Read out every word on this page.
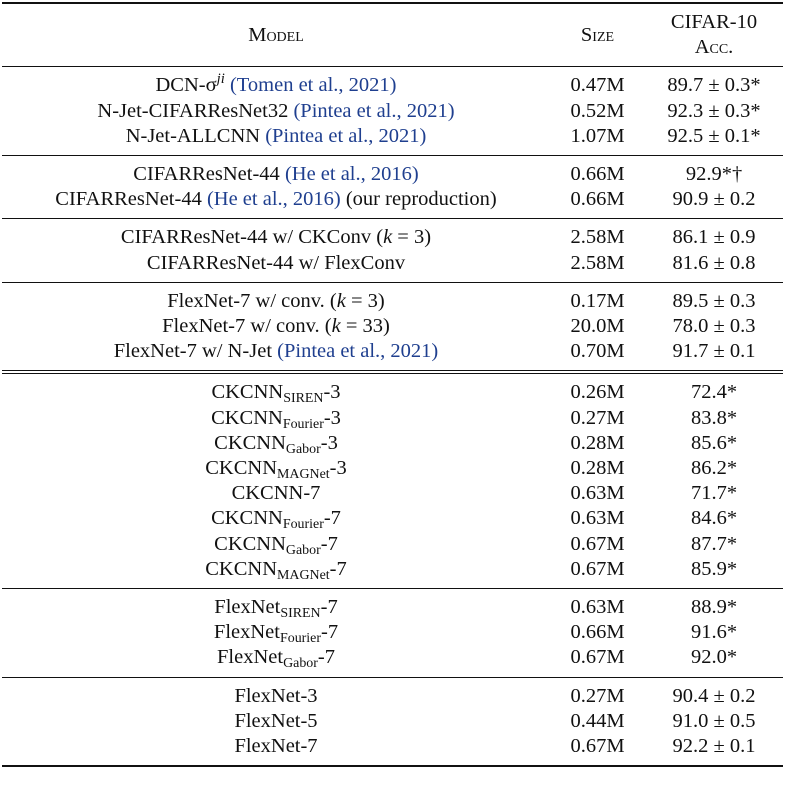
Model	Size	CIFAR-10
		Acc.
DCN-$\sigma^{ji}$ (Tomen et al., 2021)	0.47M	89.7 ± 0.3*
N-Jet-CIFARResNet32 (Pintea et al., 2021)	0.52M	92.3 ± 0.3*
N-Jet-ALLCNN (Pintea et al., 2021)	1.07M	92.5 ± 0.1*
CIFARResNet-44 (He et al., 2016)	0.66M	92.9*†
CIFARResNet-44 (He et al., 2016) (our reproduction)	0.66M	90.9 ± 0.2
CIFARResNet-44 w/ CKConv (k = 3)	2.58M	86.1 ± 0.9
CIFARResNet-44 w/ FlexConv	2.58M	81.6 ± 0.8
FlexNet-7 w/ conv. (k = 3)	0.17M	89.5 ± 0.3
FlexNet-7 w/ conv. (k = 33)	20.0M	78.0 ± 0.3
FlexNet-7 w/ N-Jet (Pintea et al., 2021)	0.70M	91.7 ± 0.1
$CKCNN_{SIREN}-3$	0.26M	72.4*
$CKCNN_{Fourier}-3$	0.27M	83.8*
$CKCNN_{Gabor}-3$	0.28M	85.6*
$CKCNN_{MAGNet}-3$	0.28M	86.2*
CKCNN-7	0.63M	71.7*
$CKCNN_{Fourier}-7$	0.63M	84.6*
$CKCNN_{Gabor}-7$	0.67M	87.7*
$CKCNN_{MAGNet}-7$	0.67M	85.9*
FlexNet$_{SIREN}$-7	0.63M	88.9*
FlexNet$_{Fourier}$-7	0.66M	91.6*
FlexNet$_{Gabor}$-7	0.67M	92.0*
FlexNet-3	0.27M	90.4 ± 0.2
FlexNet-5	0.44M	91.0 ± 0.5
FlexNet-7	0.67M	92.2 ± 0.1
